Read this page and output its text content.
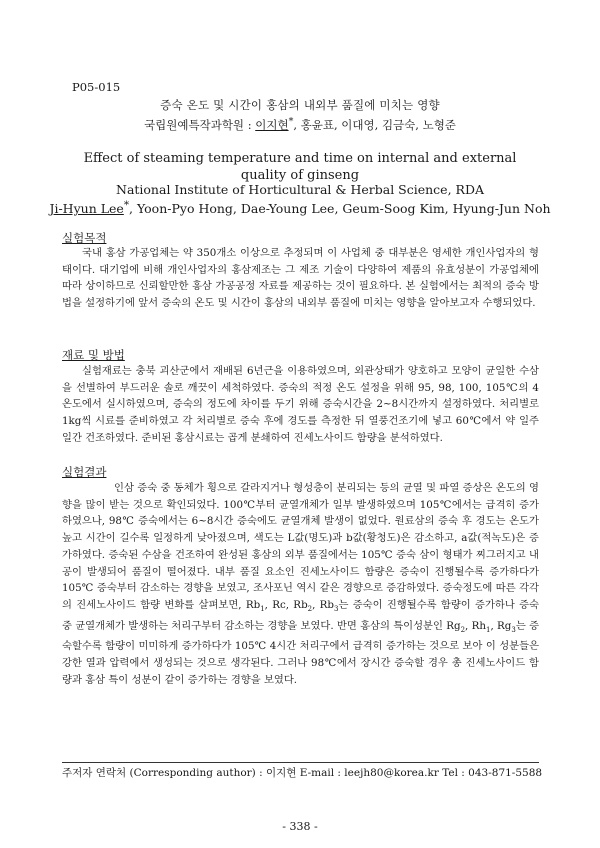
P05-015
증숙 온도 및 시간이 홍삼의 내외부 품질에 미치는 영향
국립원예특작과학원 : 이지현*, 홍윤표, 이대영, 김금숙, 노형준
Effect of steaming temperature and time on internal and external quality of ginseng
National Institute of Horticultural & Herbal Science, RDA
Ji-Hyun Lee*, Yoon-Pyo Hong, Dae-Young Lee, Geum-Soog Kim, Hyung-Jun Noh
실험목적

국내 홍삼 가공업체는 약 350개소 이상으로 추정되며 이 사업체 중 대부분은 영세한 개인사업자의 형태이다. 대기업에 비해 개인사업자의 홍삼제조는 그 제조 기술이 다양하여 제품의 유효성분이 가공업체에 따라 상이하므로 신뢰할만한 홍삼 가공공정 자료를 제공하는 것이 필요하다. 본 실험에서는 최적의 증숙 방법을 설정하기에 앞서 증숙의 온도 및 시간이 홍삼의 내외부 품질에 미치는 영향을 알아보고자 수행되었다.

재료 및 방법

실험재료는 충북 괴산군에서 재배된 6년근을 이용하였으며, 외관상태가 양호하고 모양이 균일한 수삼을 선별하여 부드러운 솔로 깨끗이 세척하였다. 증숙의 적정 온도 설정을 위해 95, 98, 100, 105℃의 4 온도에서 실시하였으며, 증숙의 정도에 차이를 두기 위해 증숙시간을 2~8시간까지 설정하였다. 처리별로 1kg씩 시료를 준비하였고 각 처리별로 증숙 후에 경도를 측정한 뒤 열풍건조기에 넣고 60℃에서 약 일주일간 건조하였다. 준비된 홍삼시료는 곱게 분쇄하여 진세노사이드 함량을 분석하였다.

실험결과

인삼 증숙 중 동체가 횡으로 갈라지거나 형성층이 분리되는 등의 균열 및 파열 증상은 온도의 영향을 많이 받는 것으로 확인되었다. 100℃부터 균열개체가 일부 발생하였으며 105℃에서는 급격히 증가하였으나, 98℃ 증숙에서는 6~8시간 증숙에도 균열개체 발생이 없었다. 원료삼의 증숙 후 경도는 온도가 높고 시간이 길수록 일정하게 낮아졌으며, 색도는 L값(명도)과 b값(황청도)은 감소하고, a값(적녹도)은 증가하였다. 증숙된 수삼을 건조하여 완성된 홍삼의 외부 품질에서는 105℃ 증숙 삼이 형태가 찌그러지고 내공이 발생되어 품질이 떨어졌다. 내부 품질 요소인 진세노사이드 함량은 증숙이 진행될수록 증가하다가 105℃ 증숙부터 감소하는 경향을 보였고, 조사포닌 역시 같은 경향으로 증감하였다. 증숙정도에 따른 각각의 진세노사이드 함량 변화를 살펴보면, $Rb_1$, Rc, $Rb_2$, $Rb_3$는 증숙이 진행될수록 함량이 증가하나 증숙 중 균열개체가 발생하는 처리구부터 감소하는 경향을 보였다. 반면 홍삼의 특이성분인 $Rg_2$, $Rh_1$, $Rg_3$는 증숙할수록 함량이 미미하게 증가하다가 105℃ 4시간 처리구에서 급격히 증가하는 것으로 보아 이 성분들은 강한 열과 압력에서 생성되는 것으로 생각된다. 그러나 98℃에서 장시간 증숙할 경우 총 진세노사이드 함량과 홍삼 특이 성분이 같이 증가하는 경향을 보였다.

주저자 연락처 (Corresponding author) : 이지현 E-mail : leejh80@korea.kr Tel : 043-871-5588
- 338 -
